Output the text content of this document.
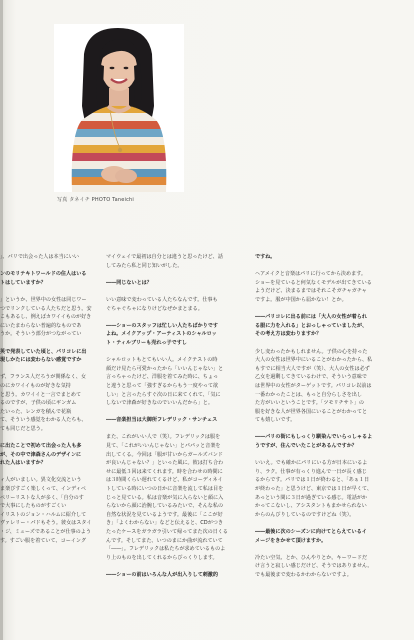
写真 タネイチ PHOTO Taneichi

」、パリで出会った人は本当にいい

ンのモリテキトワールドの住人はいる
トはしていますか？

」というか、世界中の女性は同じワー
つでリンクしている人たちだと思う。安
こもあるし、例えばカワイイものが好き
にいたまわらない普遍的なものであ
うか。そういう部分がつながってい

英で発表していた頃と、パリコレに出
現しかたには変わらない感覚ですか

ず、フランス人だろうが関係なく、女
のにカワイイものが好きな気持
と思う。カワイイと一言でまとめて
るのですが、子供の頃にギンガム
たいった、レンガを積んで花瓶
て、そういう感覚をわかる人たちも、
ても同じだと思う。

に出たことで初めて出会った人も多
が、その中で津森さんのデザインに
れた人はいますか？

ィ人がいましい。異文化交流という
ま楽びすごく楽しくって、インディペ
ペリーリストな人が多く、「自分のす
で大事にしたものがすごくい
イリストのジョン・ハルムに紹介して
ヴァレリー・パドもそう。彼女はスタイ
・ジ、ミューズであることが仕事のよう
す。すごい服を着ていて、コーイング

マイウェイで最初は自分とは違うと思ったけど、話
してみたら私と同じ知いがした。

――同じないとは？

いい意味で変わっている人たちなんです。仕事も
ぐちゃぐちゃになりけどなぜかまとまる。

――ショーのスタッフは忙しい人たちばかりです
よね。メイクアップ・アーティストのシャルロッ
ト・ティルブリーも売れっ子ですし

シャルロットもとてもいい人。メイクテストの時
顔だけ見たら可愛かったから「いいんじゃない」と
言っちゃったけど、洋服を着てみた時に、ちょっ
と違うと思って「強すぎるからもう一度やって欲
しい」と言ったらすぐ次の日に来てくれて、「気に
しないで津森が好きなのでいいんだから」と。

――音楽担当は大御所フレデリック・サンチェス

また、これがいい人で（笑）。フレデリックは服を
見て、「これがいいんじゃない」とパパッと音楽を
出してくる。今回は「服が甘いからガールズバンド
が良いんじゃない？」といった風に。彼は打ち合わ
せに最低３回は来てくれます。時を合わせの時間に
は３時間くらい遅れてくるけど、私がコーディネイ
トしている時にいつの日かに音楽を流して私は目を
じっと見ている。私は音楽が気に入らないと顔に入
らないから顔に治腕しているみたいで、そんな私の
自然な状況を見ているようです。最後に「ここが好
き」「よくわからない」などと伝えると、CDがつき
たったケースをガラガラ引いて帰ってまた次の日くる
んです。そしてまた、いつのまにか曲が流れていて
「――」。フレデリックは私たちが求めているものよ
り上のものを出してくれるからびっくりします。

――ショーの前はいろんな人が出入りして刺激的

ですね。

ヘアメイクと音楽はパリに行ってから決めます。
ショーを見ていると何気なくモデルが出てきている
ようだけど、決まるまではそれこそガチャガチャ
ですよ。服が中国から届かない！とか。

――パリコレに出る前には「大人の女性が着られ
る服に力を入れる」とおっしゃっていましたが、
その考え方は変わりますか？

少し変わったかもしれません。子供の心を持った
大人の女性は世界中にいることがわかったから、私
もすでに相当大人ですが（笑）、大人の女性は必ず
乙女を過剰してきているわけで、そういう意味で
は世界中の女性がターゲットです。パリコレ以前は
一番わかったことは、もっと自分らしさを出し
た方がいいということです。「ツモリチサト」の
服を好きな人が世界各国にいることがわかってと
ても嬉しいです。

――パリの街にもしっくり馴染んでいらっしゃるよ
うですが、住んでいたことがあるんですか？

いいえ。でも確かにパリにいる方が日本にいるよ
り、ラク。仕事が有っくり進んで一日が長く感じ
るからです。パリでは１日が終わると、「あぁ１日
が終わった」と思うけど、東京では１日が早くて、
あっという間に３日が過ぎている感じ。電話がか
かってこないし、アシスタントもまかせられない
からのんびりしているのですけどね（笑）。

――最後に次のシーズンに向けてとらえているイ
メージをきかせて頂けますか。

冷たい空気、とか、ひんやりとか。キーワードだ
け言うと寂しい感じだけど、そうではありません。
でも最後まで変わるかわからないですよ。
